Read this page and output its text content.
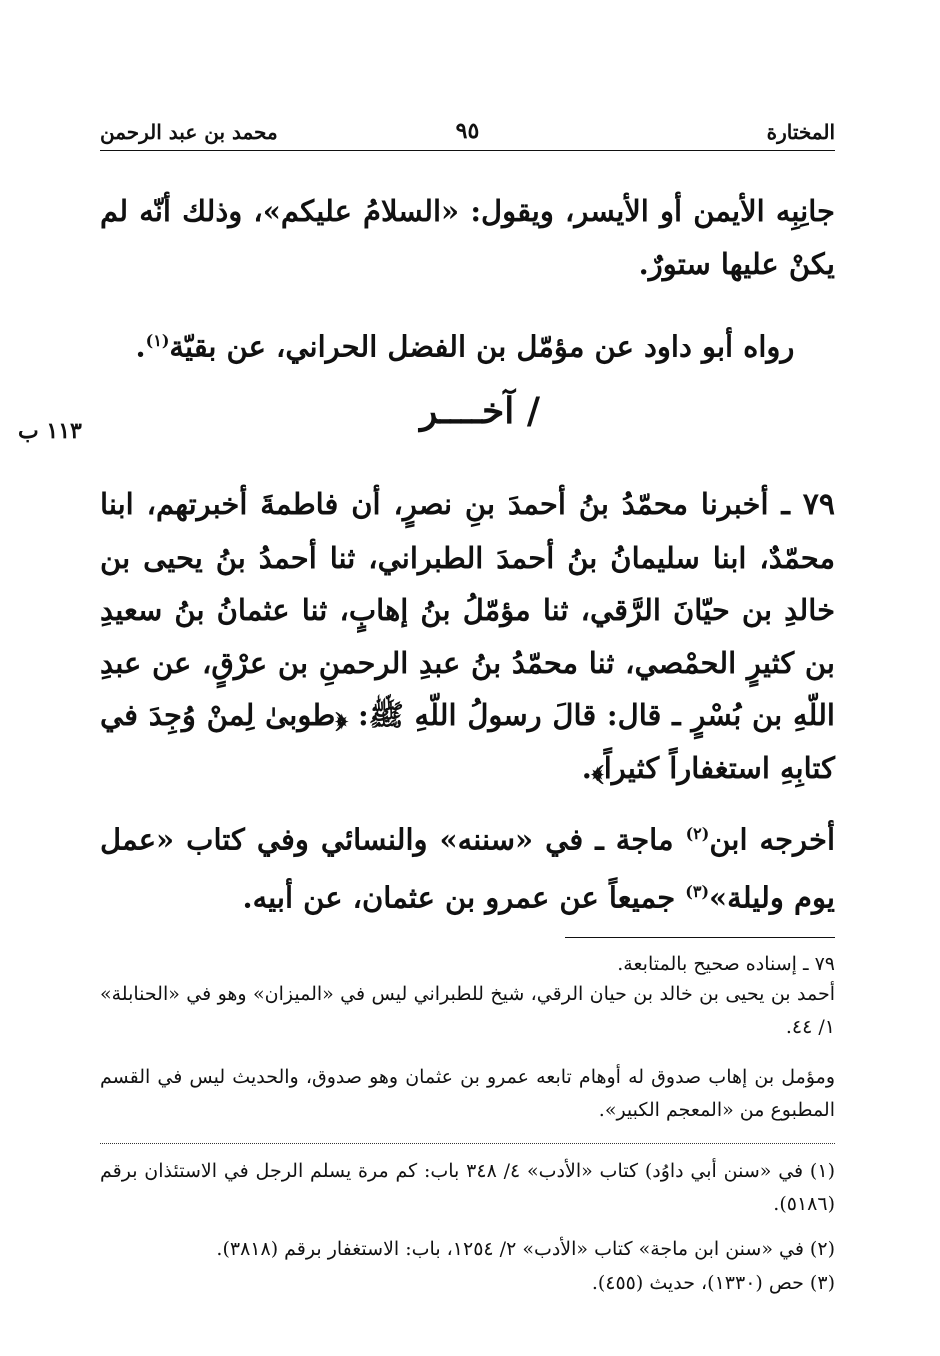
المختارة
٩٥
محمد بن عبد الرحمن
جانِبِه الأيمن أو الأيسر، ويقول: «السلامُ عليكم»، وذلك أنّه لم يكنْ عليها ستورٌ.
رواه أبو داود عن مؤمّل بن الفضل الحراني، عن بقيّة$^{(١)}$.
/ آخــــر
١١٣ ب
٧٩ ـ أخبرنا محمّدُ بنُ أحمدَ بنِ نصرٍ، أن فاطمةَ أخبرتهم، ابنا محمّدٌ، ابنا سليمانُ بنُ أحمدَ الطبراني، ثنا أحمدُ بنُ يحيى بن خالدِ بن حيّانَ الرَّقي، ثنا مؤمّلُ بنُ إهابٍ، ثنا عثمانُ بنُ سعيدِ بن كثيرٍ الحمْصي، ثنا محمّدُ بنُ عبدِ الرحمنِ بن عرْقٍ، عن عبدِ اللّهِ بن بُسْرٍ ـ قال: قالَ رسولُ اللّهِ ﷺ: ﴿طوبىٰ لِمنْ وُجِدَ في كتابِهِ استغفاراً كثيراً﴾.
أخرجه ابن$^{(٢)}$ ماجة ـ في «سننه» والنسائي وفي كتاب «عمل يوم وليلة»$^{(٣)}$ جميعاً عن عمرو بن عثمان، عن أبيه.
٧٩ ـ إسناده صحيح بالمتابعة.
أحمد بن يحيى بن خالد بن حيان الرقي، شيخ للطبراني ليس في «الميزان» وهو في «الحنابلة» ١/ ٤٤.
ومؤمل بن إهاب صدوق له أوهام تابعه عمرو بن عثمان وهو صدوق، والحديث ليس في القسم المطبوع من «المعجم الكبير».
(١) في «سنن أبي داوُد) كتاب «الأدب» ٤/ ٣٤٨ باب: كم مرة يسلم الرجل في الاستئذان برقم (٥١٨٦).
(٢) في «سنن ابن ماجة» كتاب «الأدب» ٢/ ١٢٥٤، باب: الاستغفار برقم (٣٨١٨).
(٣) حص (١٣٣٠)، حديث (٤٥٥).
